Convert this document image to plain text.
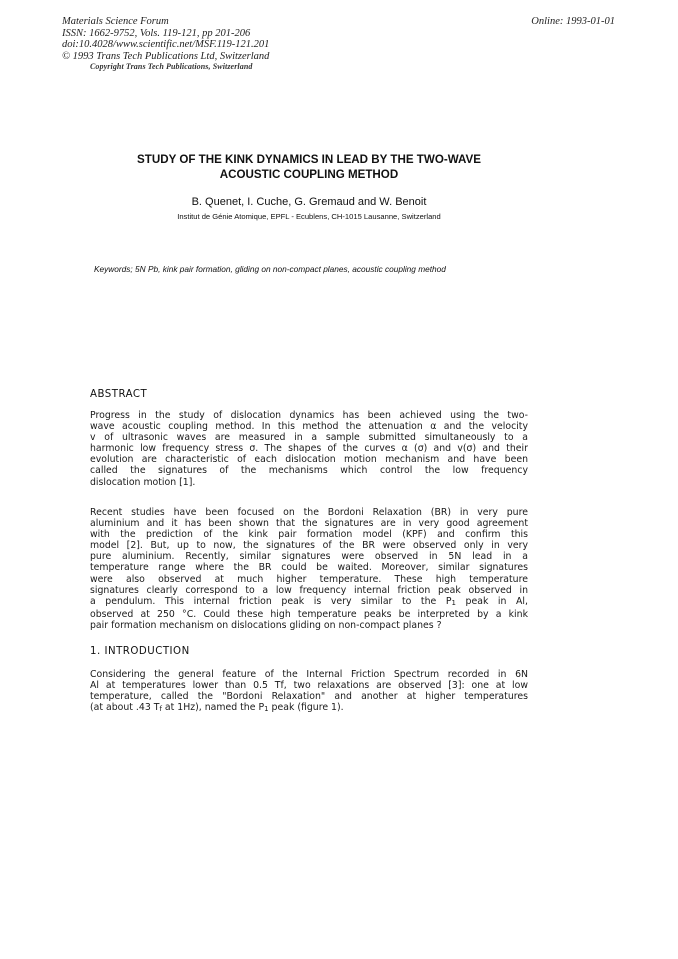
Materials Science Forum
ISSN: 1662-9752, Vols. 119-121, pp 201-206
doi:10.4028/www.scientific.net/MSF.119-121.201
© 1993 Trans Tech Publications Ltd, Switzerland
Online: 1993-01-01
Copyright Trans Tech Publications, Switzerland
STUDY OF THE KINK DYNAMICS IN LEAD BY THE TWO-WAVE
ACOUSTIC COUPLING METHOD
B. Quenet, I. Cuche, G. Gremaud and W. Benoit
Institut de Génie Atomique, EPFL - Ecublens, CH-1015 Lausanne, Switzerland
Keywords; 5N Pb, kink pair formation, gliding on non-compact planes, acoustic coupling method
ABSTRACT
Progress in the study of dislocation dynamics has been achieved using the two-
wave acoustic coupling method. In this method the attenuation α and the velocity
v of ultrasonic waves are measured in a sample submitted simultaneously to a
harmonic low frequency stress σ. The shapes of the curves α (σ) and v(σ) and their
evolution are characteristic of each dislocation motion mechanism and have been
called the signatures of the mechanisms which control the low frequency
dislocation motion [1].
Recent studies have been focused on the Bordoni Relaxation (BR) in very pure
aluminium and it has been shown that the signatures are in very good agreement
with the prediction of the kink pair formation model (KPF) and confirm this
model [2]. But, up to now, the signatures of the BR were observed only in very
pure aluminium. Recently, similar signatures were observed in 5N lead in a
temperature range where the BR could be waited. Moreover, similar signatures
were also observed at much higher temperature. These high temperature
signatures clearly correspond to a low frequency internal friction peak observed in
a pendulum. This internal friction peak is very similar to the $P_1$ peak in Al,
observed at 250 °C. Could these high temperature peaks be interpreted by a kink
pair formation mechanism on dislocations gliding on non-compact planes ?
1. INTRODUCTION
Considering the general feature of the Internal Friction Spectrum recorded in 6N
Al at temperatures lower than 0.5 Tf, two relaxations are observed [3]: one at low
temperature, called the "Bordoni Relaxation" and another at higher temperatures
(at about .43 $T_f$ at 1Hz), named the $P_1$ peak (figure 1).
